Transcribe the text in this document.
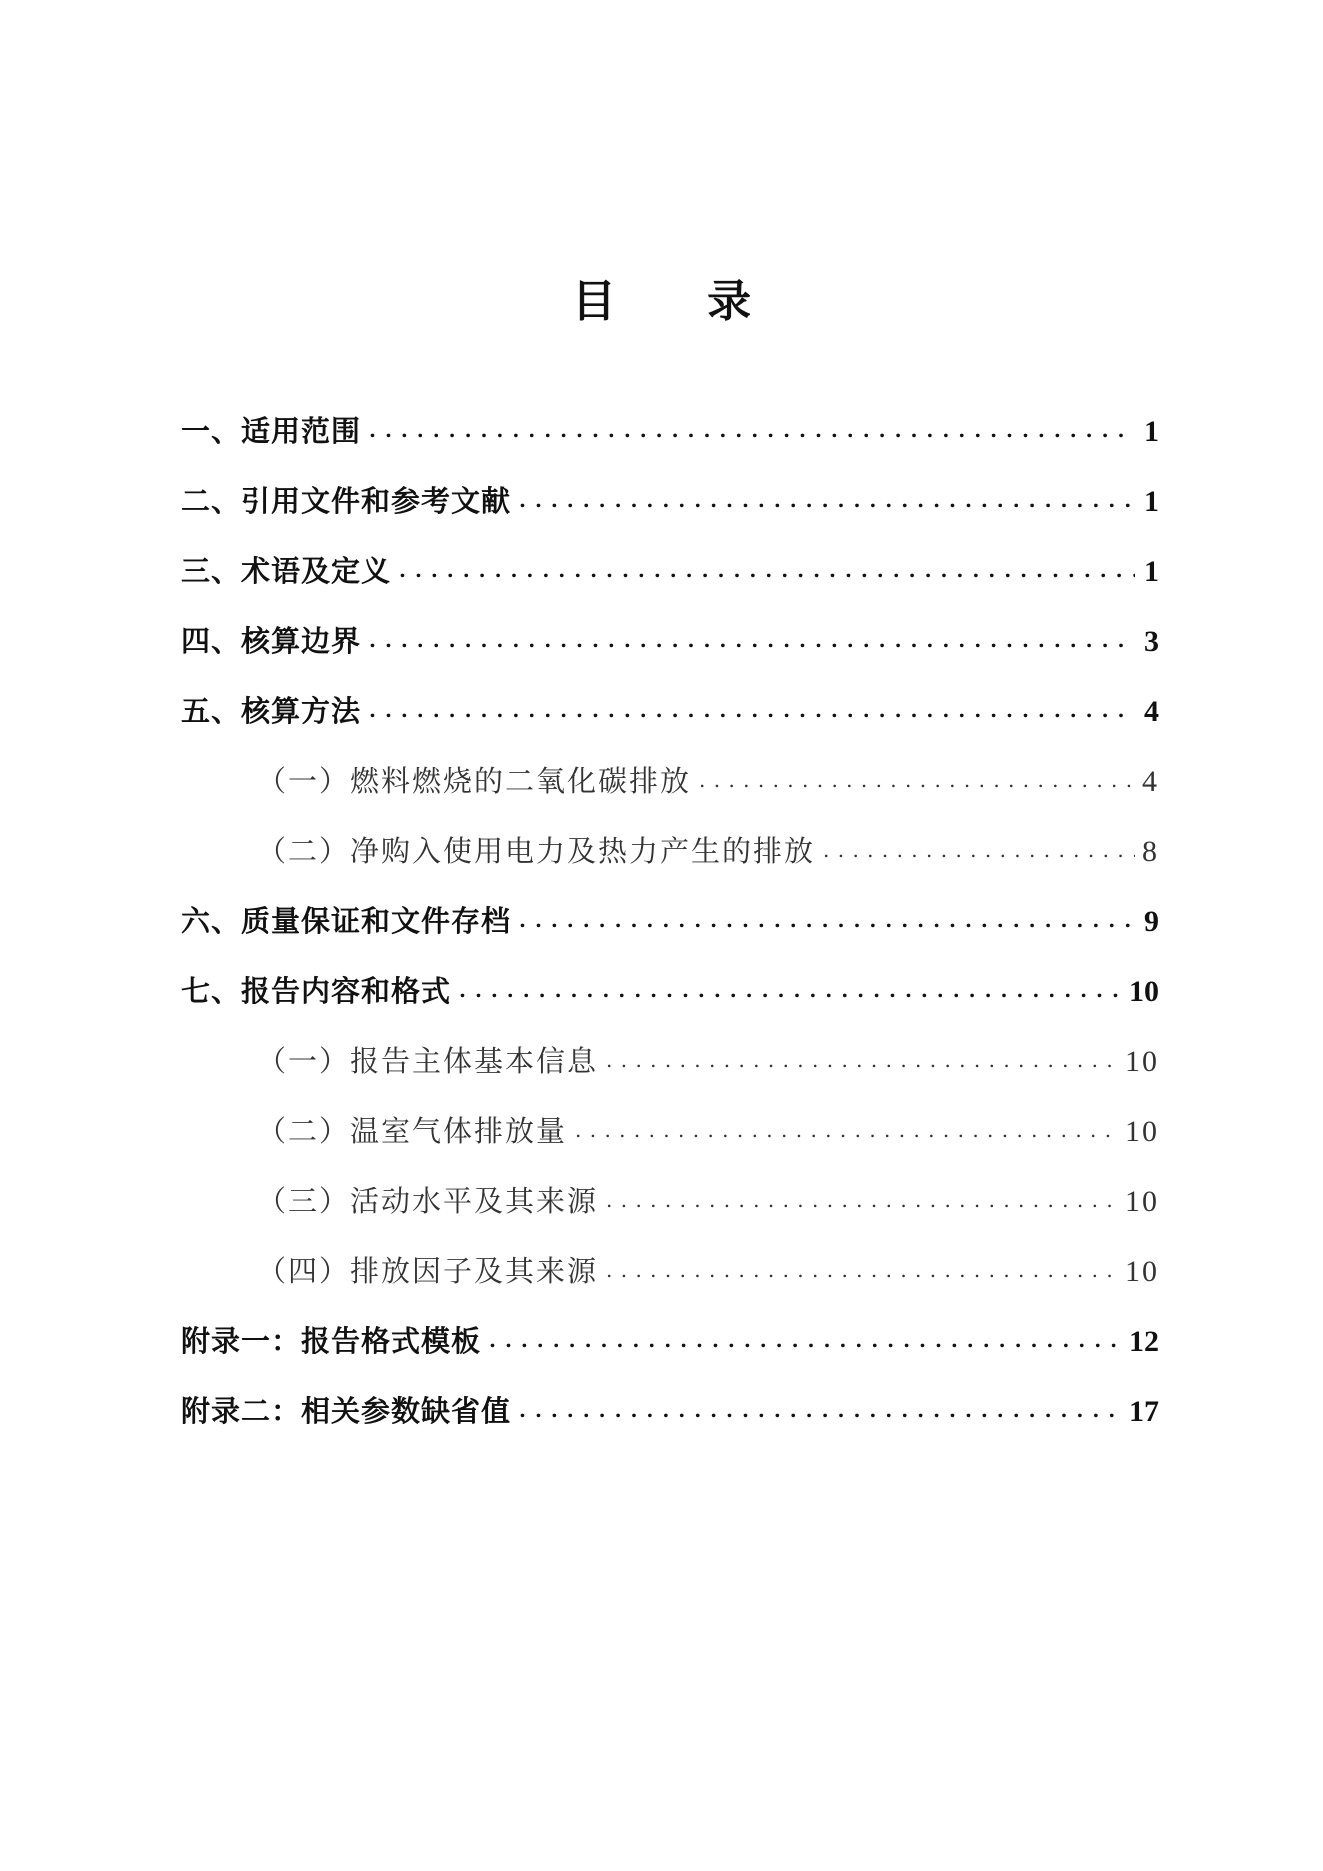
目 录
一、适用范围 . . .	1
二、引用文件和参考文献 . . .	1
三、术语及定义 . . .	1
四、核算边界 . . .	3
五、核算方法 . . .	4
（一）燃料燃烧的二氧化碳排放 . . .	4
（二）净购入使用电力及热力产生的排放 . . .	8
六、质量保证和文件存档 . . .	9
七、报告内容和格式 . . .	10
（一）报告主体基本信息 . . .	10
（二）温室气体排放量 . . .	10
（三）活动水平及其来源 . . .	10
（四）排放因子及其来源 . . .	10
附录一：报告格式模板 . . .	12
附录二：相关参数缺省值 . . .	17
